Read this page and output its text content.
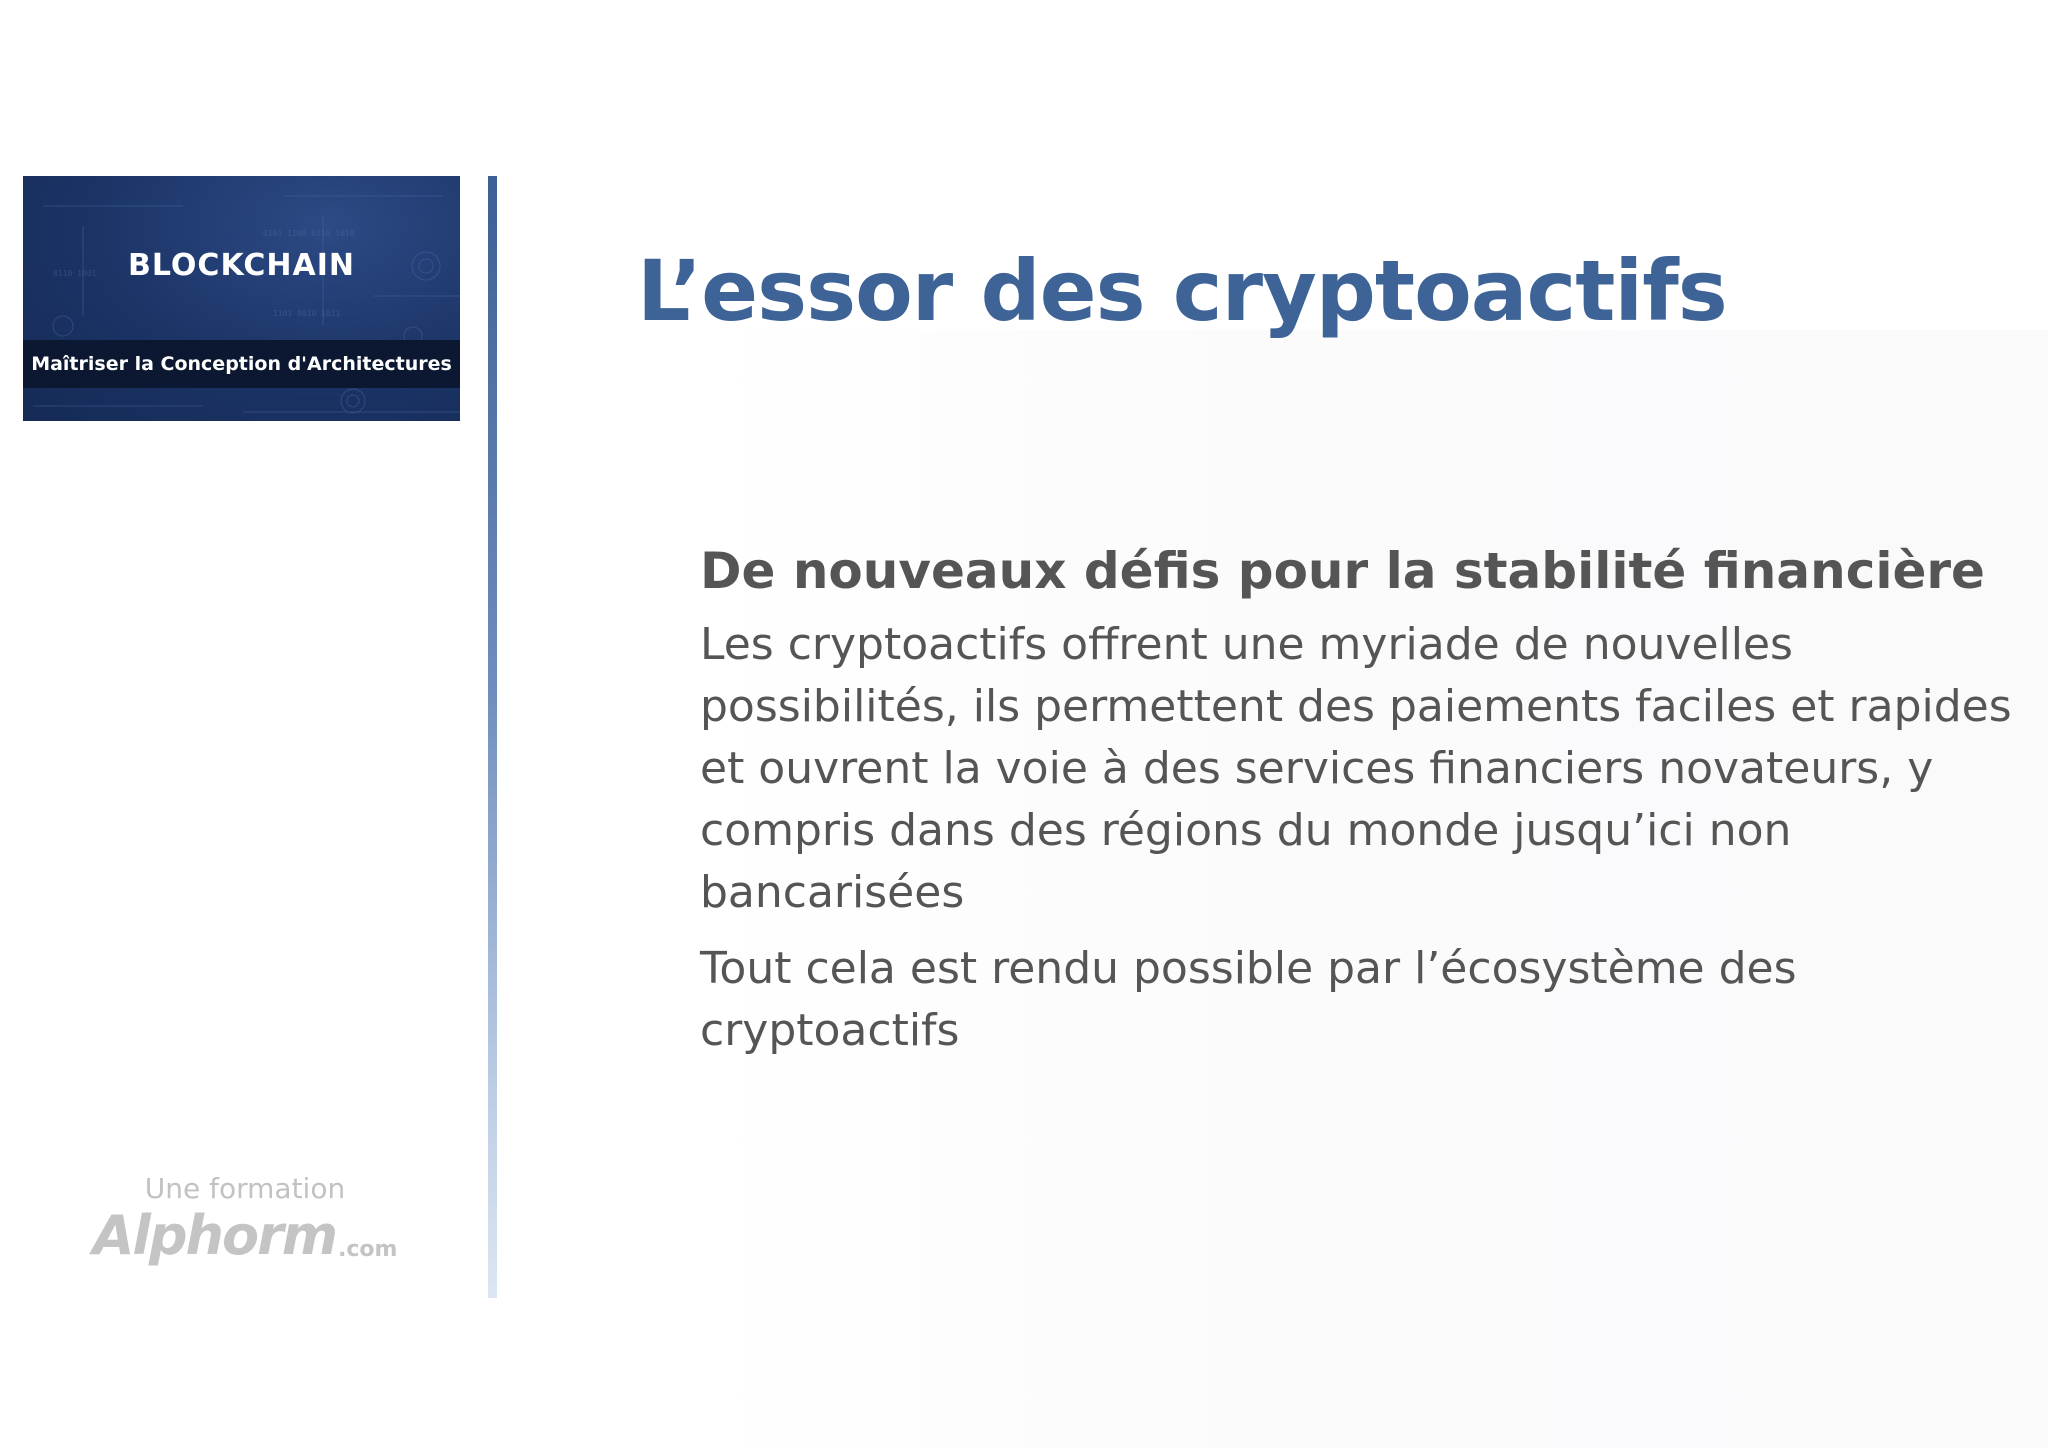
0101 1100 0110 1010
1101 0010 1011
0110 1001	BLOCKCHAIN
Maîtriser la Conception d'Architectures
L’essor des cryptoactifs
De nouveaux défis pour la stabilité financière

Les cryptoactifs offrent une myriade de nouvelles possibilités, ils permettent des paiements faciles et rapides et ouvrent la voie à des services financiers novateurs, y compris dans des régions du monde jusqu’ici non bancarisées

Tout cela est rendu possible par l’écosystème des cryptoactifs

Une formation
Alphorm .com
